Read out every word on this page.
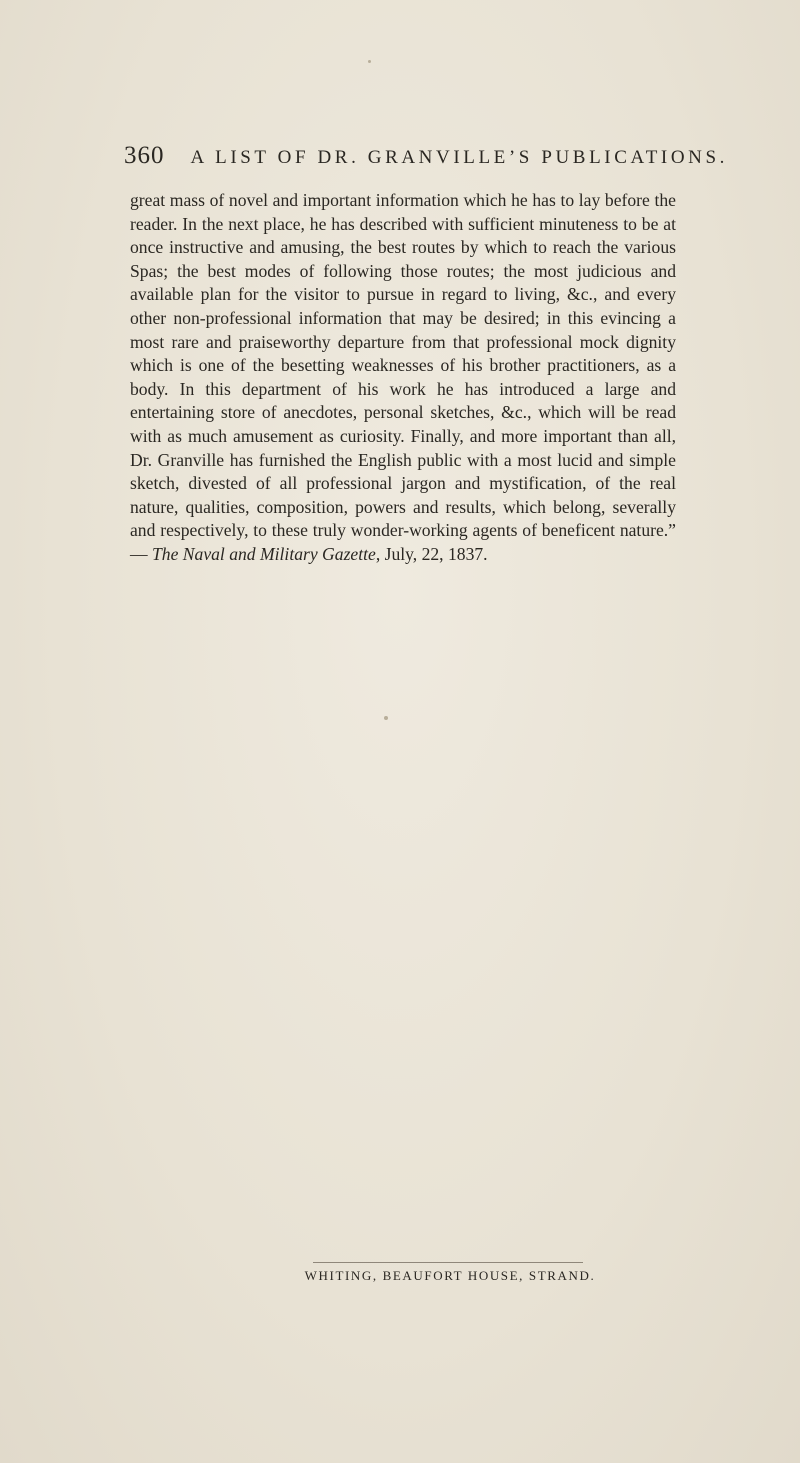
360 A LIST OF DR. GRANVILLE’S PUBLICATIONS.

great mass of novel and important information which he has to lay before the reader. In the next place, he has described with sufficient minuteness to be at once instructive and amusing, the best routes by which to reach the various Spas; the best modes of following those routes; the most judicious and available plan for the visitor to pursue in regard to living, &c., and every other non-professional information that may be desired; in this evincing a most rare and praiseworthy departure from that professional mock dignity which is one of the besetting weaknesses of his brother practitioners, as a body. In this department of his work he has introduced a large and entertaining store of anecdotes, personal sketches, &c., which will be read with as much amusement as curiosity. Finally, and more important than all, Dr. Granville has furnished the English public with a most lucid and simple sketch, divested of all professional jargon and mystification, of the real nature, qualities, composition, powers and results, which belong, severally and respectively, to these truly wonder-working agents of beneficent nature.” — The Naval and Military Gazette, July, 22, 1837.

WHITING, BEAUFORT HOUSE, STRAND.
